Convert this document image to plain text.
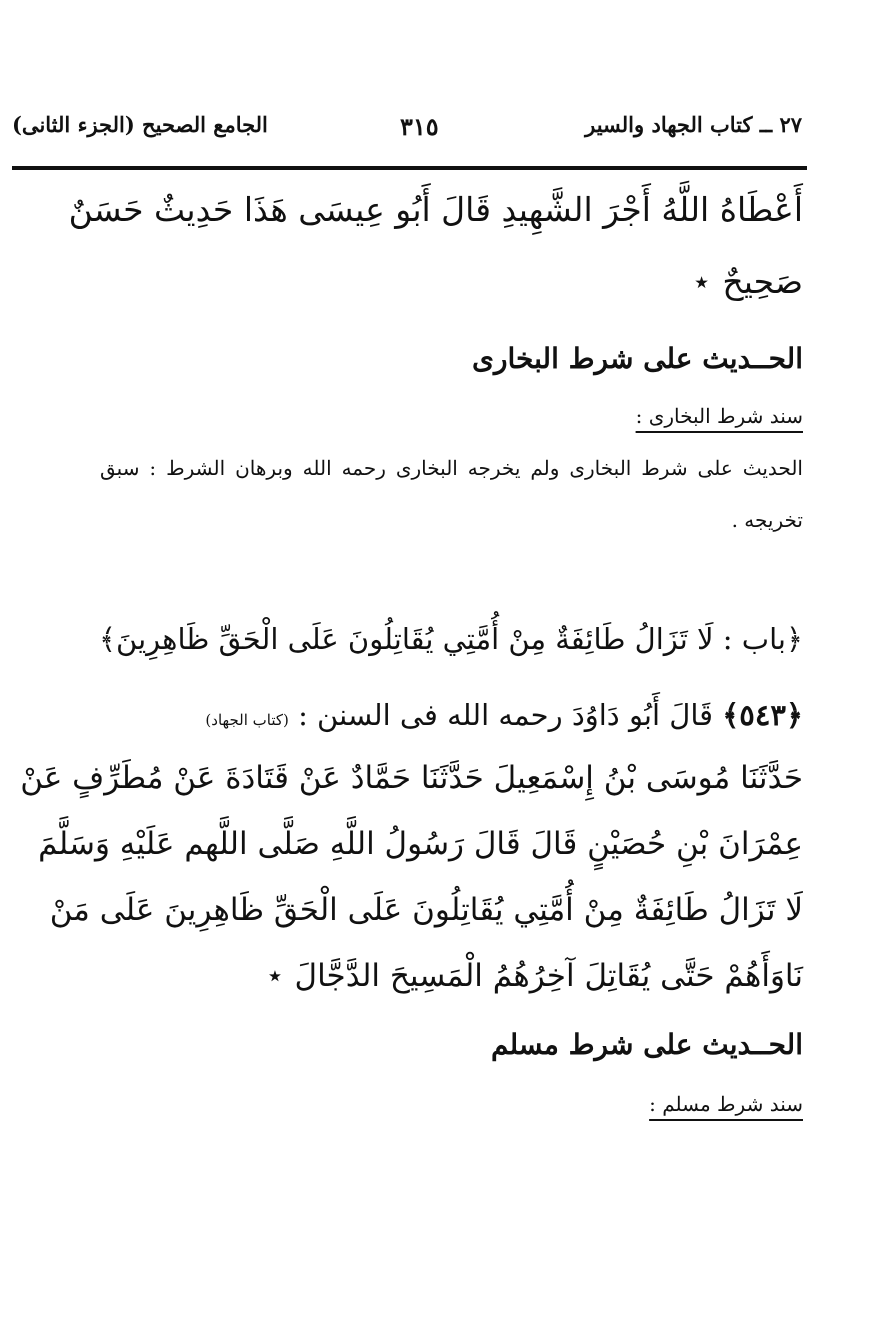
٢٧ ــ كتاب الجهاد والسير
٣١٥
الجامع الصحيح (الجزء الثانى)
أَعْطَاهُ اللَّهُ أَجْرَ الشَّهِيدِ قَالَ أَبُو عِيسَى هَذَا حَدِيثٌ حَسَنٌ
صَحِيحٌ ⋆
الحــديث على شرط البخارى
سند شرط البخارى :
الحديث على شرط البخارى ولم يخرجه البخارى رحمه الله وبرهان الشرط : سبق
تخريجه .
﴿باب : لَا تَزَالُ طَائِفَةٌ مِنْ أُمَّتِي يُقَاتِلُونَ عَلَى الْحَقِّ ظَاهِرِينَ﴾
﴿٥٤٣﴾ قَالَ أَبُو دَاوُدَ رحمه الله فى السنن : (كتاب الجهاد)
حَدَّثَنَا مُوسَى بْنُ إِسْمَعِيلَ حَدَّثَنَا حَمَّادٌ عَنْ قَتَادَةَ عَنْ مُطَرِّفٍ عَنْ
عِمْرَانَ بْنِ حُصَيْنٍ قَالَ قَالَ رَسُولُ اللَّهِ صَلَّى اللَّهم عَلَيْهِ وَسَلَّمَ
لَا تَزَالُ طَائِفَةٌ مِنْ أُمَّتِي يُقَاتِلُونَ عَلَى الْحَقِّ ظَاهِرِينَ عَلَى مَنْ
نَاوَأَهُمْ حَتَّى يُقَاتِلَ آخِرُهُمُ الْمَسِيحَ الدَّجَّالَ ⋆
الحــديث على شرط مسلم
سند شرط مسلم :
